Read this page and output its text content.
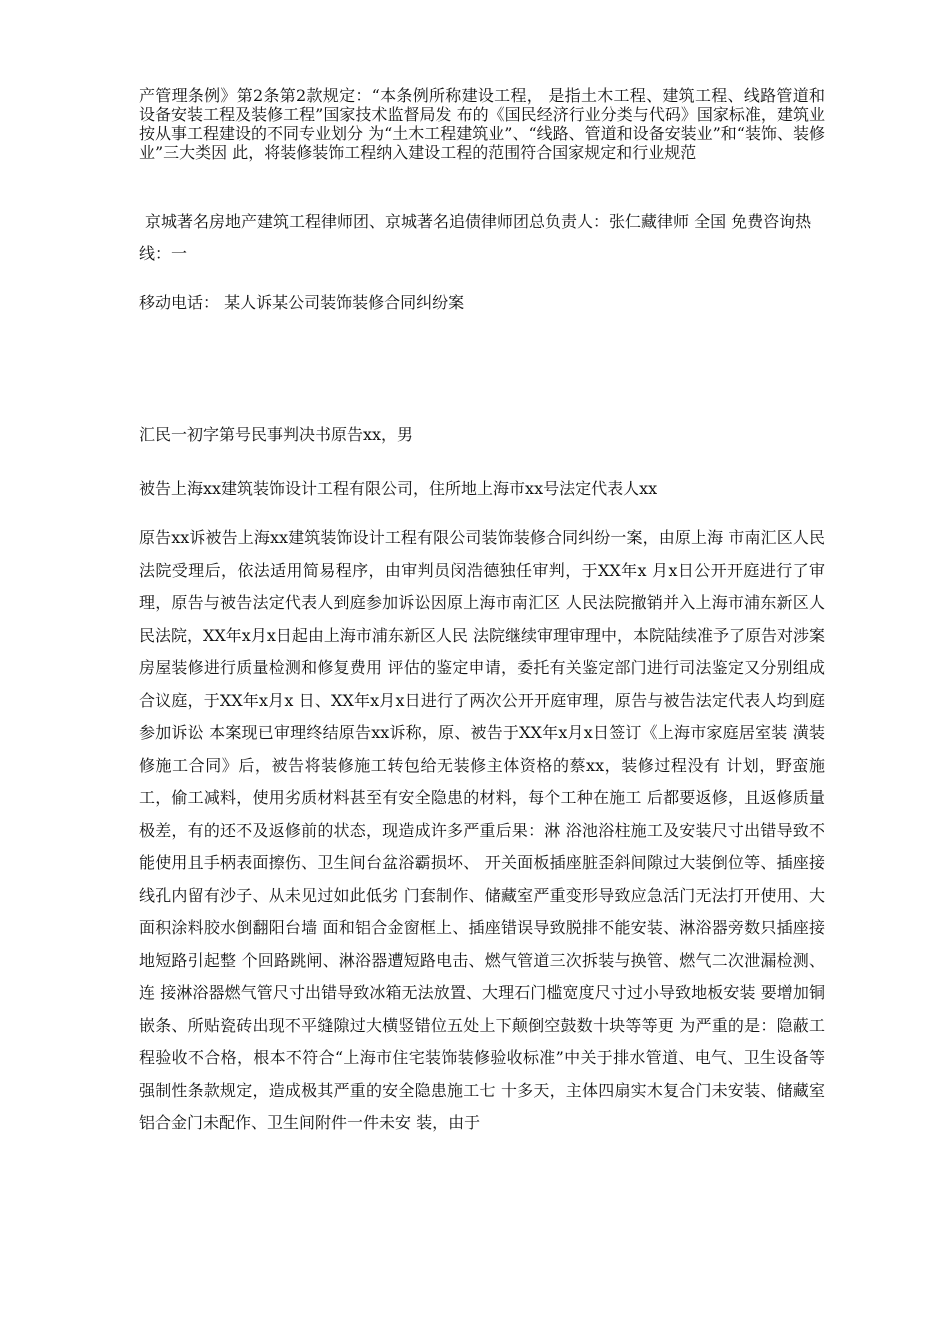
产管理条例》第2条第2款规定：“本条例所称建设工程， 是指土木工程、建筑工程、线路管道和设备安装工程及装修工程”国家技术监督局发 布的《国民经济行业分类与代码》国家标准，建筑业按从事工程建设的不同专业划分 为“土木工程建筑业”、“线路、管道和设备安装业”和“装饰、装修业”三大类因 此，将装修装饰工程纳入建设工程的范围符合国家规定和行业规范

京城著名房地产建筑工程律师团、京城著名追债律师团总负责人：张仁藏律师 全国 免费咨询热线：一

移动电话： 某人诉某公司装饰装修合同纠纷案

汇民一初字第号民事判决书原告xx，男

被告上海xx建筑装饰设计工程有限公司，住所地上海市xx号法定代表人xx

原告xx诉被告上海xx建筑装饰设计工程有限公司装饰装修合同纠纷一案，由原上海 市南汇区人民法院受理后，依法适用简易程序，由审判员闵浩德独任审判，于XX年x 月x日公开开庭进行了审理，原告与被告法定代表人到庭参加诉讼因原上海市南汇区 人民法院撤销并入上海市浦东新区人民法院，XX年x月x日起由上海市浦东新区人民 法院继续审理审理中，本院陆续准予了原告对涉案房屋装修进行质量检测和修复费用 评估的鉴定申请，委托有关鉴定部门进行司法鉴定又分别组成合议庭，于XX年x月x 日、XX年x月x日进行了两次公开开庭审理，原告与被告法定代表人均到庭参加诉讼 本案现已审理终结原告xx诉称，原、被告于XX年x月x日签订《上海市家庭居室装 潢装修施工合同》后，被告将装修施工转包给无装修主体资格的蔡xx，装修过程没有 计划，野蛮施工，偷工减料，使用劣质材料甚至有安全隐患的材料，每个工种在施工 后都要返修，且返修质量极差，有的还不及返修前的状态，现造成许多严重后果：淋 浴池浴柱施工及安装尺寸出错导致不能使用且手柄表面擦伤、卫生间台盆浴霸损坏、 开关面板插座脏歪斜间隙过大装倒位等、插座接线孔内留有沙子、从未见过如此低劣 门套制作、储藏室严重变形导致应急活门无法打开使用、大面积涂料胶水倒翻阳台墙 面和铝合金窗框上、插座错误导致脱排不能安装、淋浴器旁数只插座接地短路引起整 个回路跳闸、淋浴器遭短路电击、燃气管道三次拆装与换管、燃气二次泄漏检测、连 接淋浴器燃气管尺寸出错导致冰箱无法放置、大理石门槛宽度尺寸过小导致地板安装 要增加铜嵌条、所贴瓷砖出现不平缝隙过大横竖错位五处上下颠倒空鼓数十块等等更 为严重的是：隐蔽工程验收不合格，根本不符合“上海市住宅装饰装修验收标准”中关于排水管道、电气、卫生设备等强制性条款规定，造成极其严重的安全隐患施工七 十多天，主体四扇实木复合门未安装、储藏室铝合金门未配作、卫生间附件一件未安 装，由于
